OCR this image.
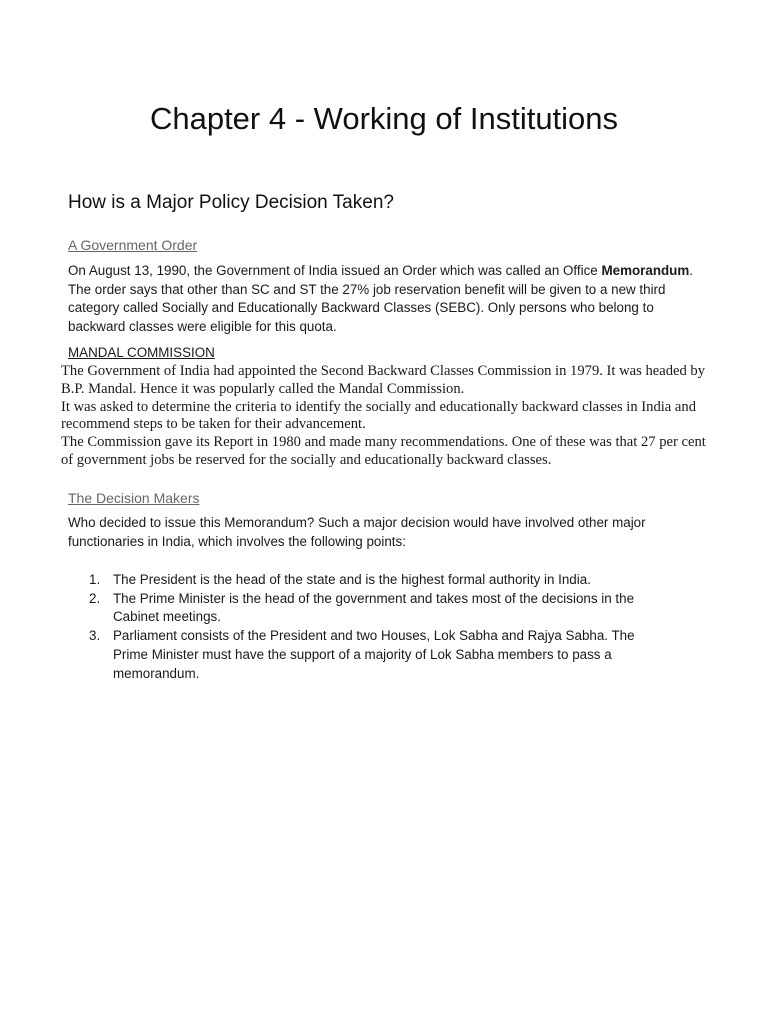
Chapter 4 - Working of Institutions
How is a Major Policy Decision Taken?
A Government Order

On August 13, 1990, the Government of India issued an Order which was called an Office Memorandum. The order says that other than SC and ST the 27% job reservation benefit will be given to a new third category called Socially and Educationally Backward Classes (SEBC). Only persons who belong to backward classes were eligible for this quota.

MANDAL COMMISSION
The Government of India had appointed the Second Backward Classes Commission in 1979. It was headed by B.P. Mandal. Hence it was popularly called the Mandal Commission.
It was asked to determine the criteria to identify the socially and educationally backward classes in India and recommend steps to be taken for their advancement.
The Commission gave its Report in 1980 and made many recommendations. One of these was that 27 per cent of government jobs be reserved for the socially and educationally backward classes.
The Decision Makers

Who decided to issue this Memorandum? Such a major decision would have involved other major functionaries in India, which involves the following points:

1. The President is the head of the state and is the highest formal authority in India.
2. The Prime Minister is the head of the government and takes most of the decisions in the Cabinet meetings.
3. Parliament consists of the President and two Houses, Lok Sabha and Rajya Sabha. The Prime Minister must have the support of a majority of Lok Sabha members to pass a memorandum.
